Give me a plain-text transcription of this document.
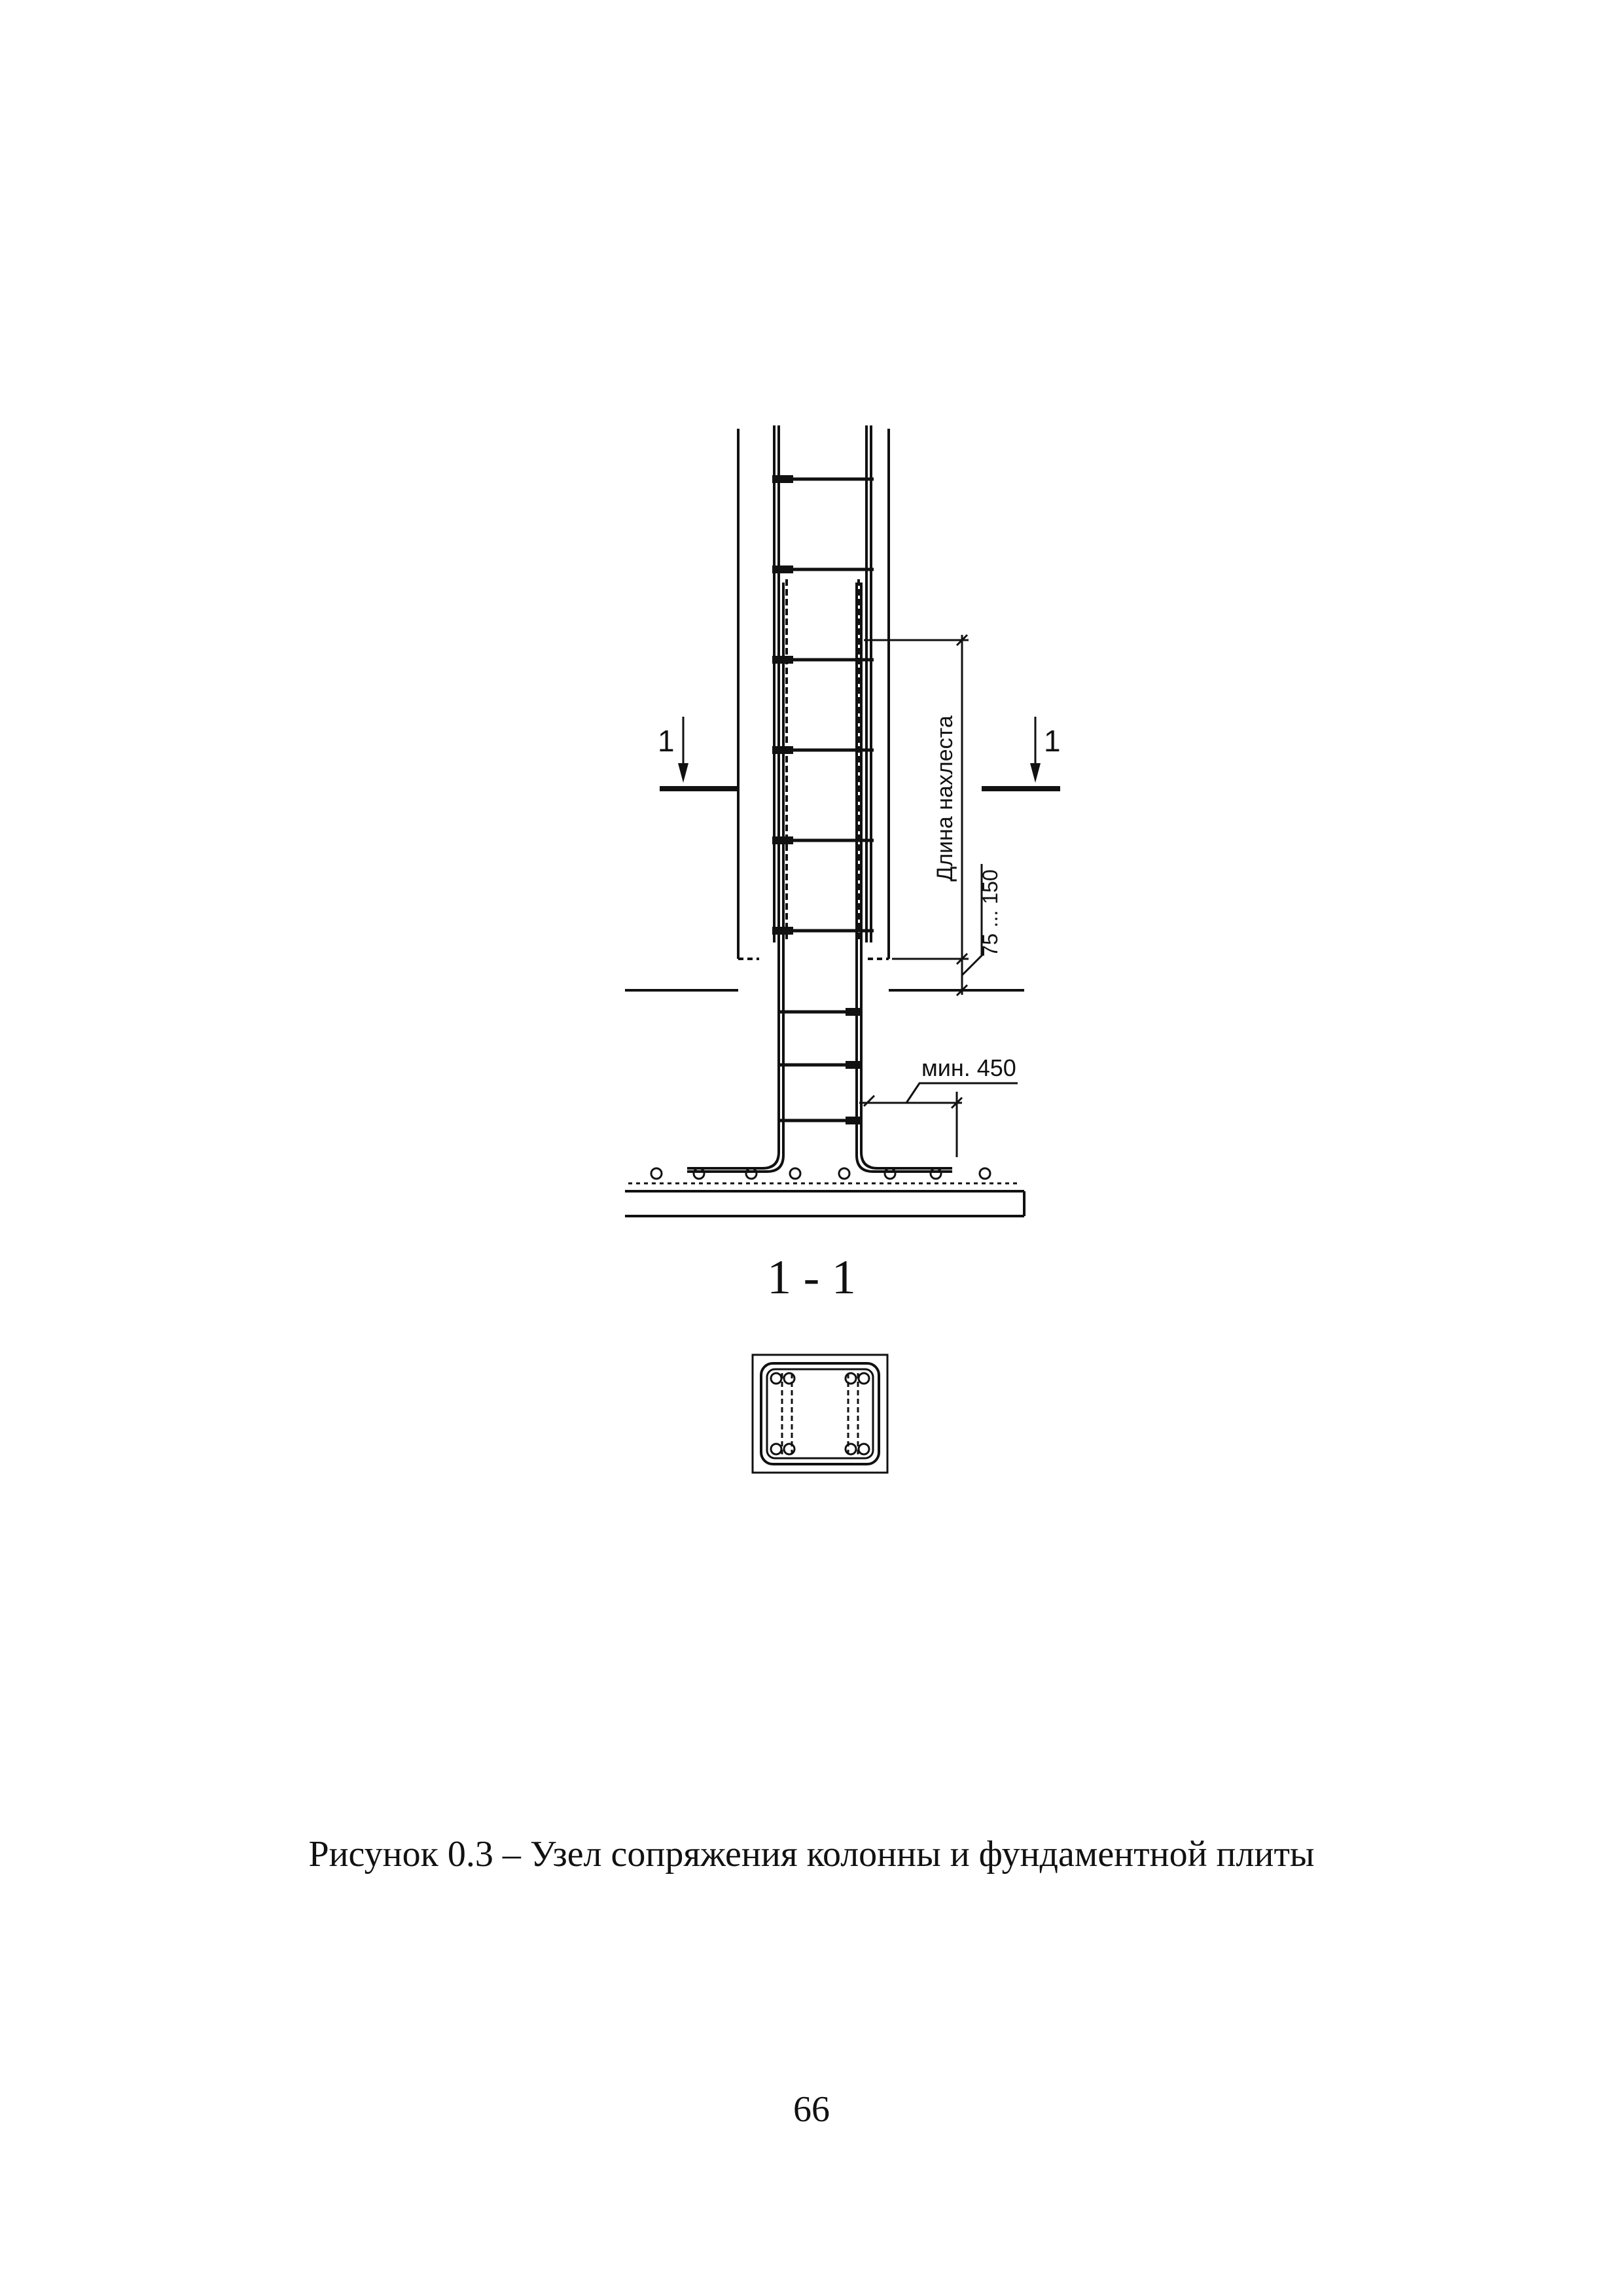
Длина нахлеста
75 ... 150
мин. 450
1	1
1 - 1
Рисунок 0.3 – Узел сопряжения колонны и фундаментной плиты
66
